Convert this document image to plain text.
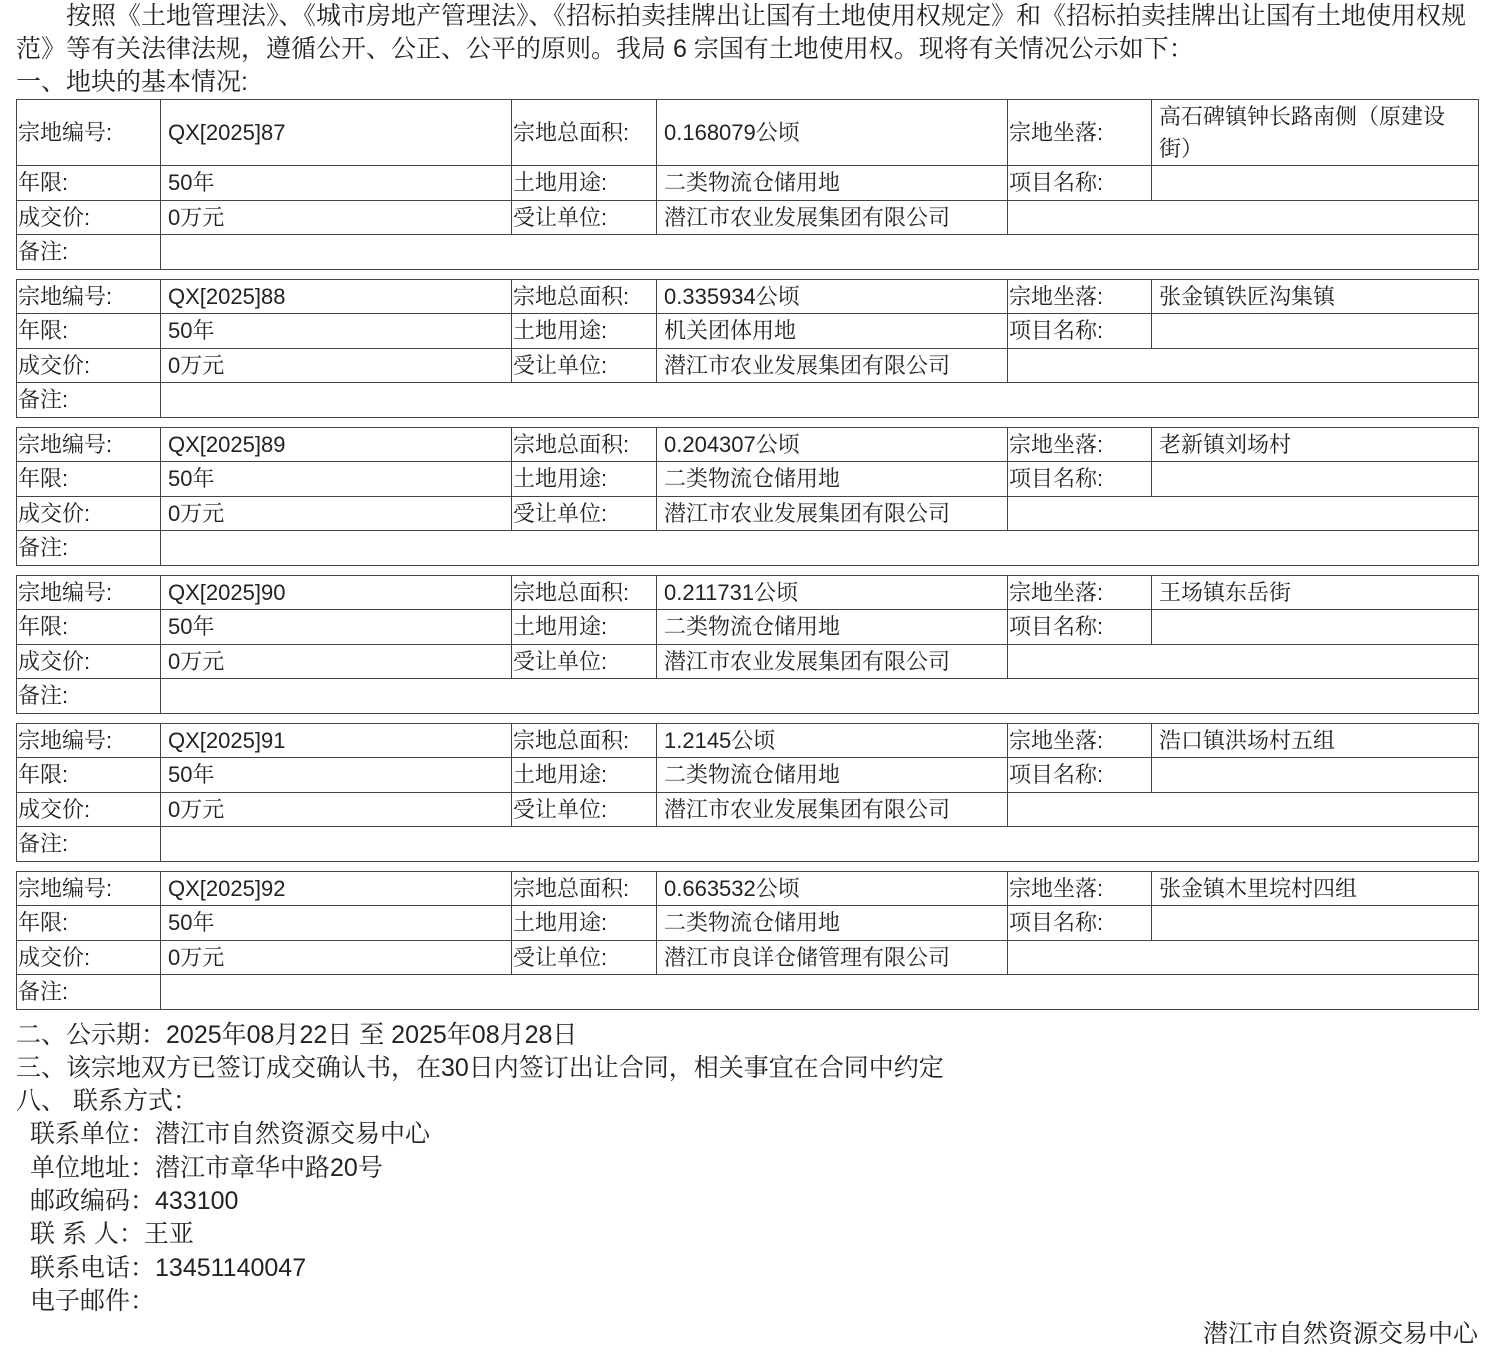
按照《土地管理法》、《城市房地产管理法》、《招标拍卖挂牌出让国有土地使用权规定》和《招标拍卖挂牌出让国有土地使用权规范》等有关法律法规，遵循公开、公正、公平的原则。我局 6 宗国有土地使用权。现将有关情况公示如下：

一、地块的基本情况:
宗地编号:	QX[2025]87	宗地总面积:	0.168079公顷	宗地坐落:	高石碑镇钟长路南侧（原建设街）
年限:	50年	土地用途:	二类物流仓储用地	项目名称:	
成交价:	0万元	受让单位:	潜江市农业发展集团有限公司		
备注:					
宗地编号:	QX[2025]88	宗地总面积:	0.335934公顷	宗地坐落:	张金镇铁匠沟集镇
年限:	50年	土地用途:	机关团体用地	项目名称:	
成交价:	0万元	受让单位:	潜江市农业发展集团有限公司		
备注:					
宗地编号:	QX[2025]89	宗地总面积:	0.204307公顷	宗地坐落:	老新镇刘场村
年限:	50年	土地用途:	二类物流仓储用地	项目名称:	
成交价:	0万元	受让单位:	潜江市农业发展集团有限公司		
备注:					
宗地编号:	QX[2025]90	宗地总面积:	0.211731公顷	宗地坐落:	王场镇东岳街
年限:	50年	土地用途:	二类物流仓储用地	项目名称:	
成交价:	0万元	受让单位:	潜江市农业发展集团有限公司		
备注:					
宗地编号:	QX[2025]91	宗地总面积:	1.2145公顷	宗地坐落:	浩口镇洪场村五组
年限:	50年	土地用途:	二类物流仓储用地	项目名称:	
成交价:	0万元	受让单位:	潜江市农业发展集团有限公司		
备注:					
宗地编号:	QX[2025]92	宗地总面积:	0.663532公顷	宗地坐落:	张金镇木里垸村四组
年限:	50年	土地用途:	二类物流仓储用地	项目名称:	
成交价:	0万元	受让单位:	潜江市良详仓储管理有限公司		
备注:					
二、公示期：2025年08月22日 至 2025年08月28日
三、该宗地双方已签订成交确认书，在30日内签订出让合同，相关事宜在合同中约定
八、 联系方式：
联系单位：潜江市自然资源交易中心
单位地址：潜江市章华中路20号
邮政编码：433100
联 系 人：王亚
联系电话：13451140047
电子邮件：
潜江市自然资源交易中心
